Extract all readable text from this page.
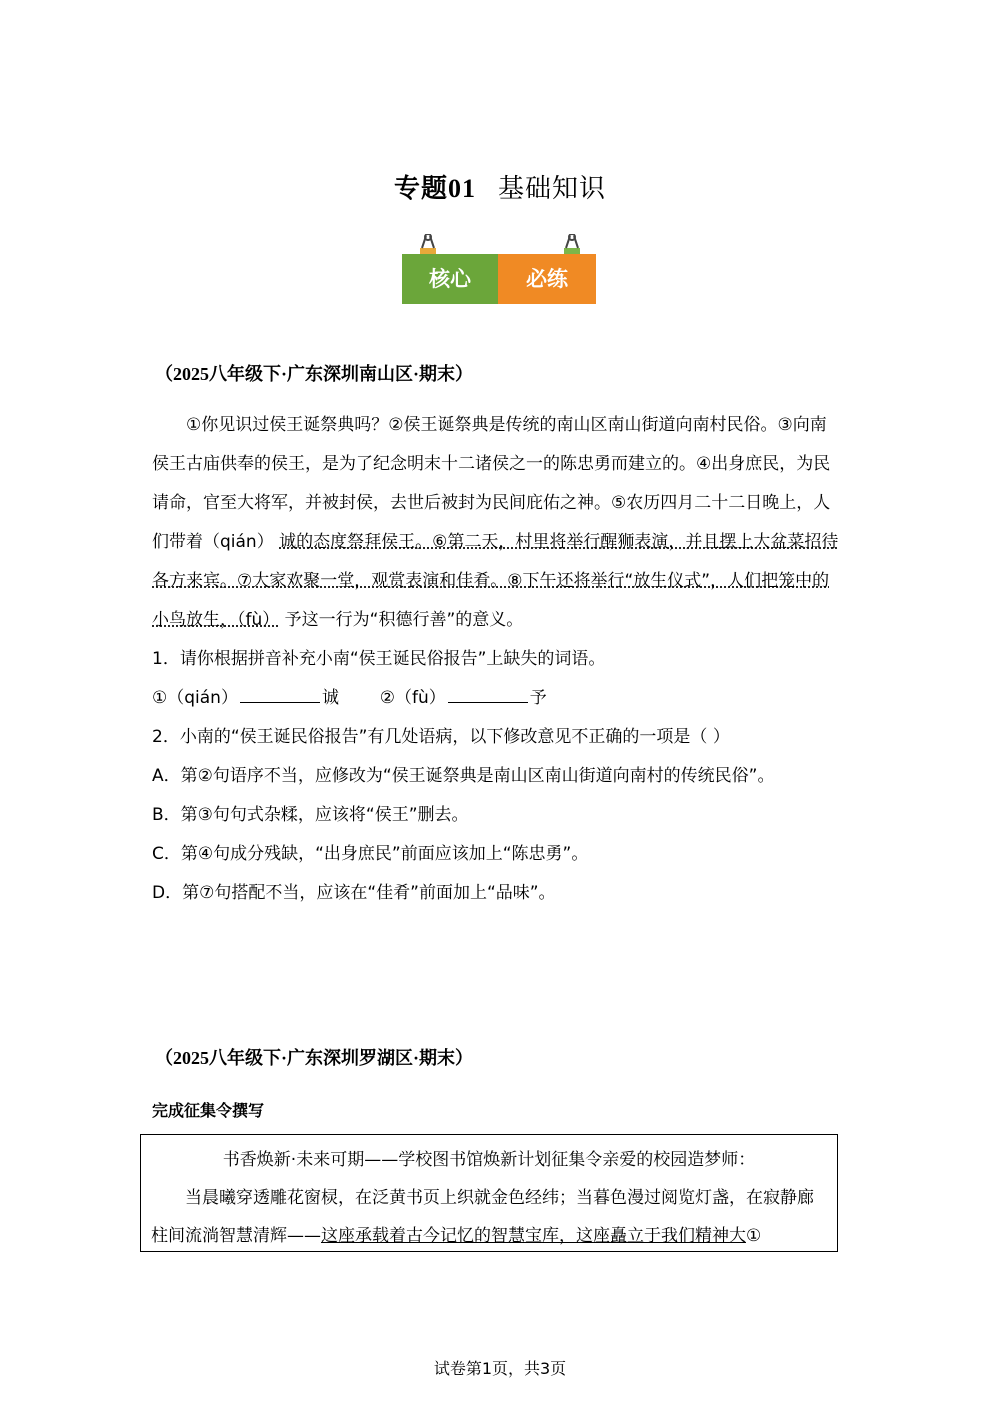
专题01 基础知识
核心	必练
（2025八年级下·广东深圳南山区·期末）

①你见识过侯王诞祭典吗？②侯王诞祭典是传统的南山区南山街道向南村民俗。③向南侯王古庙供奉的侯王，是为了纪念明末十二诸侯之一的陈忠勇而建立的。④出身庶民，为民请命，官至大将军，并被封侯，去世后被封为民间庇佑之神。⑤农历四月二十二日晚上，人们带着（qián） 诚的态度祭拜侯王。⑥第二天，村里将举行醒狮表演，并且摆上大盆菜招待各方来宾。⑦大家欢聚一堂，观赏表演和佳肴。⑧下午还将举行“放生仪式”，人们把笼中的小鸟放生，（fù） 予这一行为“积德行善”的意义。

1．请你根据拼音补充小南“侯王诞民俗报告”上缺失的词语。

①（qián）	诚 ②（fù）	予

2．小南的“侯王诞民俗报告”有几处语病，以下修改意见不正确的一项是（ ）

A．第②句语序不当，应修改为“侯王诞祭典是南山区南山街道向南村的传统民俗”。

B．第③句句式杂糅，应该将“侯王”删去。

C．第④句成分残缺，“出身庶民”前面应该加上“陈忠勇”。

D．第⑦句搭配不当，应该在“佳肴”前面加上“品味”。

（2025八年级下·广东深圳罗湖区·期末）
完成征集令撰写
书香焕新·未来可期——学校图书馆焕新计划征集令亲爱的校园造梦师：
当晨曦穿透雕花窗棂，在泛黄书页上织就金色经纬；当暮色漫过阅览灯盏，在寂静廊柱间流淌智慧清辉——这座承载着古今记忆的智慧宝库，这座矗立于我们精神大①
试卷第1页，共3页
